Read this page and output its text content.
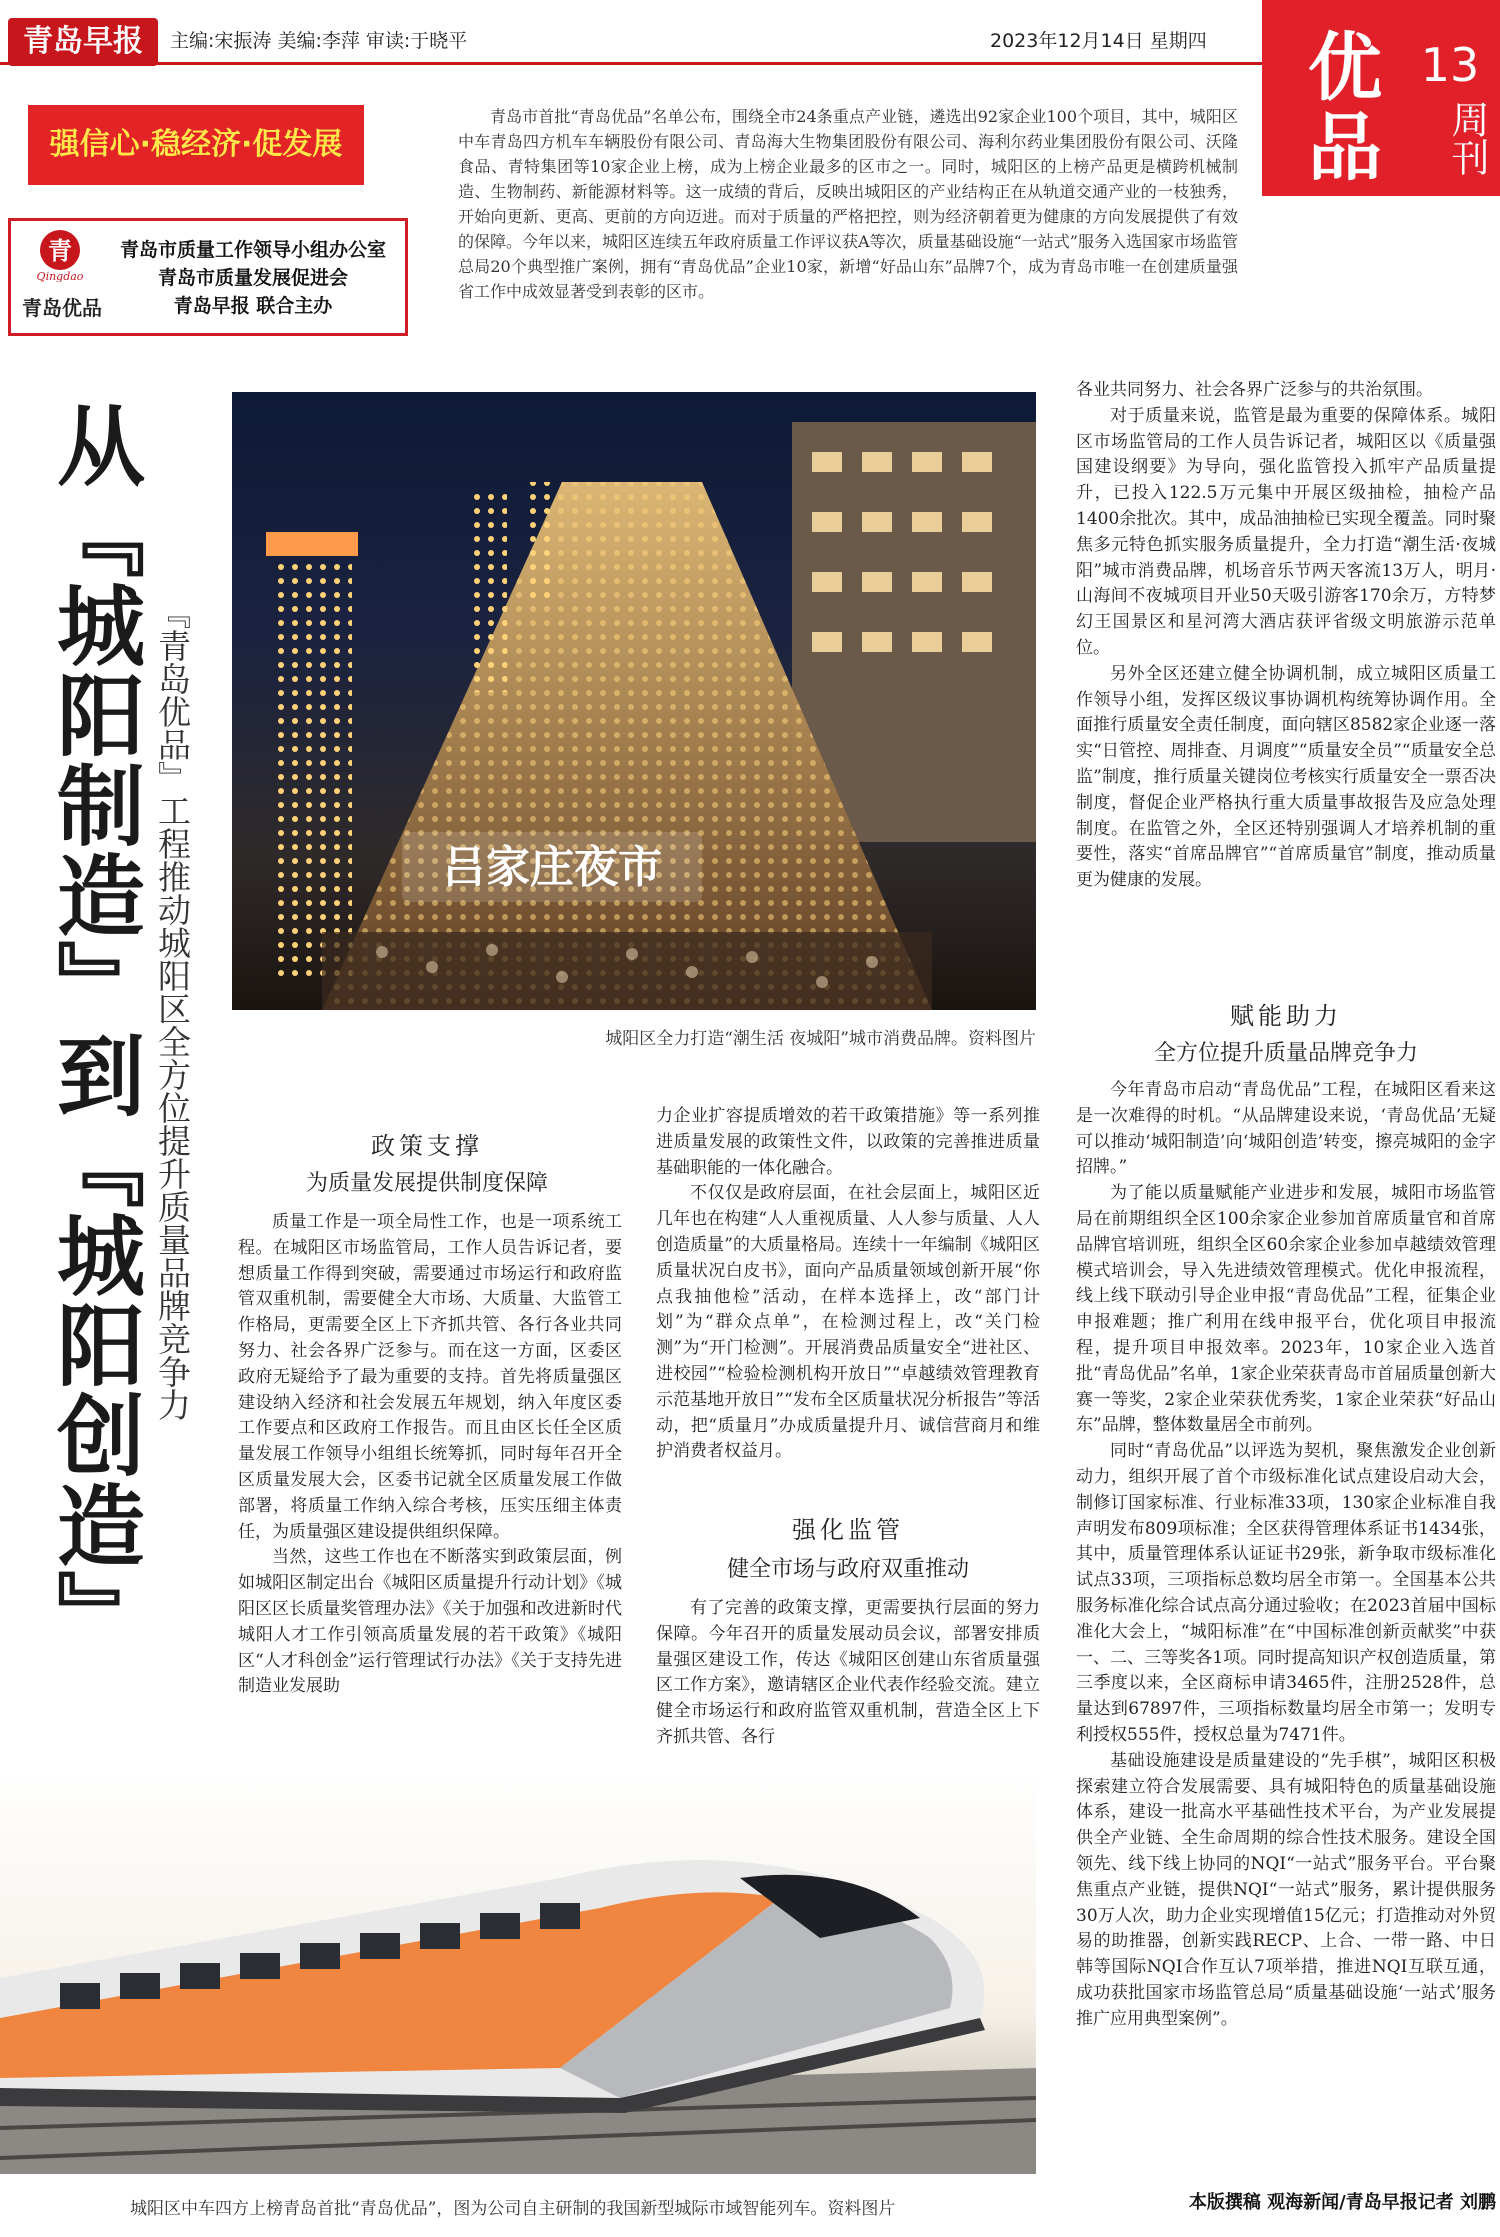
青岛早报	主编:宋振涛 美编:李萍 审读:于晓平	2023年12月14日 星期四 优品
13
周刊
强信心·稳经济·促发展
青
Qingdao
青岛优品
青岛市质量工作领导小组办公室
青岛市质量发展促进会
青岛早报 联合主办
青岛市首批“青岛优品”名单公布，围绕全市24条重点产业链，遴选出92家企业100个项目，其中，城阳区中车青岛四方机车车辆股份有限公司、青岛海大生物集团股份有限公司、海利尔药业集团股份有限公司、沃隆食品、青特集团等10家企业上榜，成为上榜企业最多的区市之一。同时，城阳区的上榜产品更是横跨机械制造、生物制药、新能源材料等。这一成绩的背后，反映出城阳区的产业结构正在从轨道交通产业的一枝独秀，开始向更新、更高、更前的方向迈进。而对于质量的严格把控，则为经济朝着更为健康的方向发展提供了有效的保障。今年以来，城阳区连续五年政府质量工作评议获A等次，质量基础设施“一站式”服务入选国家市场监管总局20个典型推广案例，拥有“青岛优品”企业10家，新增“好品山东”品牌7个，成为青岛市唯一在创建质量强省工作中成效显著受到表彰的区市。
从『城阳制造』到『城阳创造』 『青岛优品』工程推动城阳区全方位提升质量品牌竞争力	吕家庄夜市
城阳区全力打造“潮生活 夜城阳”城市消费品牌。资料图片
政策支撑
为质量发展提供制度保障

质量工作是一项全局性工作，也是一项系统工程。在城阳区市场监管局，工作人员告诉记者，要想质量工作得到突破，需要通过市场运行和政府监管双重机制，需要健全大市场、大质量、大监管工作格局，更需要全区上下齐抓共管、各行各业共同努力、社会各界广泛参与。而在这一方面，区委区政府无疑给予了最为重要的支持。首先将质量强区建设纳入经济和社会发展五年规划，纳入年度区委工作要点和区政府工作报告。而且由区长任全区质量发展工作领导小组组长统筹抓，同时每年召开全区质量发展大会，区委书记就全区质量发展工作做部署，将质量工作纳入综合考核，压实压细主体责任，为质量强区建设提供组织保障。

当然，这些工作也在不断落实到政策层面，例如城阳区制定出台《城阳区质量提升行动计划》《城阳区区长质量奖管理办法》《关于加强和改进新时代城阳人才工作引领高质量发展的若干政策》《城阳区“人才科创金”运行管理试行办法》《关于支持先进制造业发展助

力企业扩容提质增效的若干政策措施》等一系列推进质量发展的政策性文件，以政策的完善推进质量基础职能的一体化融合。

不仅仅是政府层面，在社会层面上，城阳区近几年也在构建“人人重视质量、人人参与质量、人人创造质量”的大质量格局。连续十一年编制《城阳区质量状况白皮书》，面向产品质量领域创新开展“你点我抽他检”活动，在样本选择上，改“部门计划”为“群众点单”，在检测过程上，改“关门检测”为“开门检测”。开展消费品质量安全“进社区、进校园”“检验检测机构开放日”“卓越绩效管理教育示范基地开放日”“发布全区质量状况分析报告”等活动，把“质量月”办成质量提升月、诚信营商月和维护消费者权益月。

强化监管
健全市场与政府双重推动

有了完善的政策支撑，更需要执行层面的努力保障。今年召开的质量发展动员会议，部署安排质量强区建设工作，传达《城阳区创建山东省质量强区工作方案》，邀请辖区企业代表作经验交流。建立健全市场运行和政府监管双重机制，营造全区上下齐抓共管、各行

各业共同努力、社会各界广泛参与的共治氛围。

对于质量来说，监管是最为重要的保障体系。城阳区市场监管局的工作人员告诉记者，城阳区以《质量强国建设纲要》为导向，强化监管投入抓牢产品质量提升，已投入122.5万元集中开展区级抽检，抽检产品1400余批次。其中，成品油抽检已实现全覆盖。同时聚焦多元特色抓实服务质量提升，全力打造“潮生活·夜城阳”城市消费品牌，机场音乐节两天客流13万人，明月·山海间不夜城项目开业50天吸引游客170余万，方特梦幻王国景区和星河湾大酒店获评省级文明旅游示范单位。

另外全区还建立健全协调机制，成立城阳区质量工作领导小组，发挥区级议事协调机构统筹协调作用。全面推行质量安全责任制度，面向辖区8582家企业逐一落实“日管控、周排查、月调度”“质量安全员”“质量安全总监”制度，推行质量关键岗位考核实行质量安全一票否决制度，督促企业严格执行重大质量事故报告及应急处理制度。在监管之外，全区还特别强调人才培养机制的重要性，落实“首席品牌官”“首席质量官”制度，推动质量更为健康的发展。

赋能助力
全方位提升质量品牌竞争力

今年青岛市启动“青岛优品”工程，在城阳区看来这是一次难得的时机。“从品牌建设来说，‘青岛优品’无疑可以推动‘城阳制造’向‘城阳创造’转变，擦亮城阳的金字招牌。”

为了能以质量赋能产业进步和发展，城阳市场监管局在前期组织全区100余家企业参加首席质量官和首席品牌官培训班，组织全区60余家企业参加卓越绩效管理模式培训会，导入先进绩效管理模式。优化申报流程，线上线下联动引导企业申报“青岛优品”工程，征集企业申报难题；推广利用在线申报平台，优化项目申报流程，提升项目申报效率。2023年，10家企业入选首批“青岛优品”名单，1家企业荣获青岛市首届质量创新大赛一等奖，2家企业荣获优秀奖，1家企业荣获“好品山东”品牌，整体数量居全市前列。

同时“青岛优品”以评选为契机，聚焦激发企业创新动力，组织开展了首个市级标准化试点建设启动大会，制修订国家标准、行业标准33项，130家企业标准自我声明发布809项标准；全区获得管理体系证书1434张，其中，质量管理体系认证证书29张，新争取市级标准化试点33项，三项指标总数均居全市第一。全国基本公共服务标准化综合试点高分通过验收；在2023首届中国标准化大会上，“城阳标准”在“中国标准创新贡献奖”中获一、二、三等奖各1项。同时提高知识产权创造质量，第三季度以来，全区商标申请3465件，注册2528件，总量达到67897件，三项指标数量均居全市第一；发明专利授权555件，授权总量为7471件。

基础设施建设是质量建设的“先手棋”，城阳区积极探索建立符合发展需要、具有城阳特色的质量基础设施体系，建设一批高水平基础性技术平台，为产业发展提供全产业链、全生命周期的综合性技术服务。建设全国领先、线下线上协同的NQI“一站式”服务平台。平台聚焦重点产业链，提供NQI“一站式”服务，累计提供服务30万人次，助力企业实现增值15亿元；打造推动对外贸易的助推器，创新实践RECP、上合、一带一路、中日韩等国际NQI合作互认7项举措，推进NQI互联互通，成功获批国家市场监管总局“质量基础设施‘一站式’服务推广应用典型案例”。

本版撰稿 观海新闻/青岛早报记者 刘鹏
城阳区中车四方上榜青岛首批“青岛优品”，图为公司自主研制的我国新型城际市域智能列车。资料图片
